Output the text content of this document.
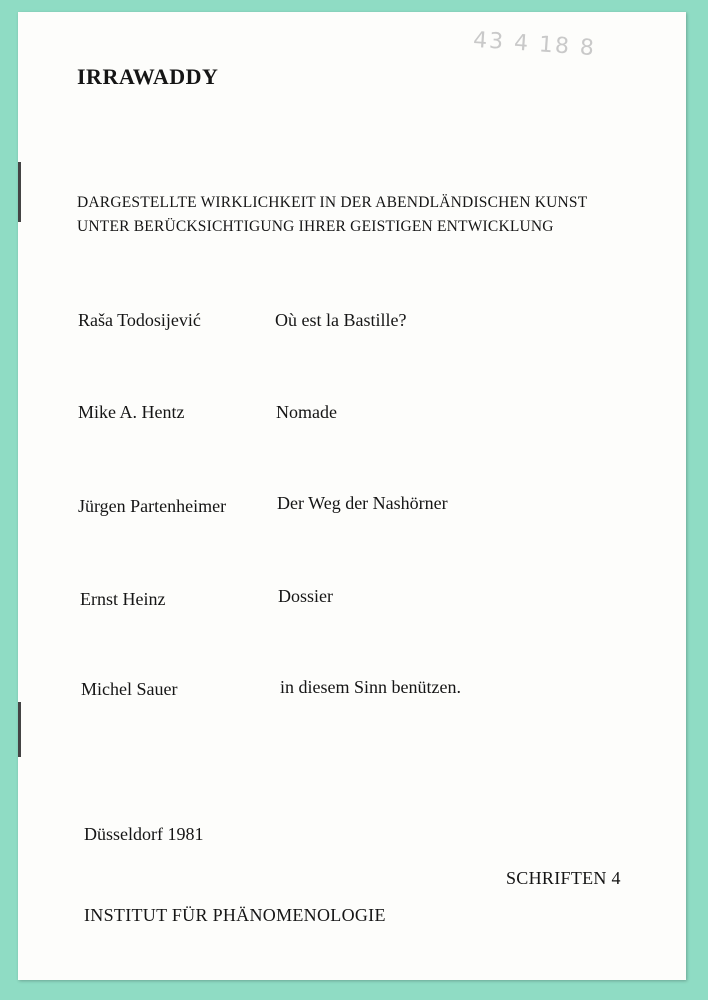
43 4 18 8
IRRAWADDY
DARGESTELLTE WIRKLICHKEIT IN DER ABENDLÄNDISCHEN KUNST
UNTER BERÜCKSICHTIGUNG IHRER GEISTIGEN ENTWICKLUNG
Raša Todosijević	Où est la Bastille?
Mike A. Hentz	Nomade
Jürgen Partenheimer	Der Weg der Nashörner
Ernst Heinz	Dossier
Michel Sauer	in diesem Sinn benützen.
Düsseldorf 1981
SCHRIFTEN 4
INSTITUT FÜR PHÄNOMENOLOGIE
